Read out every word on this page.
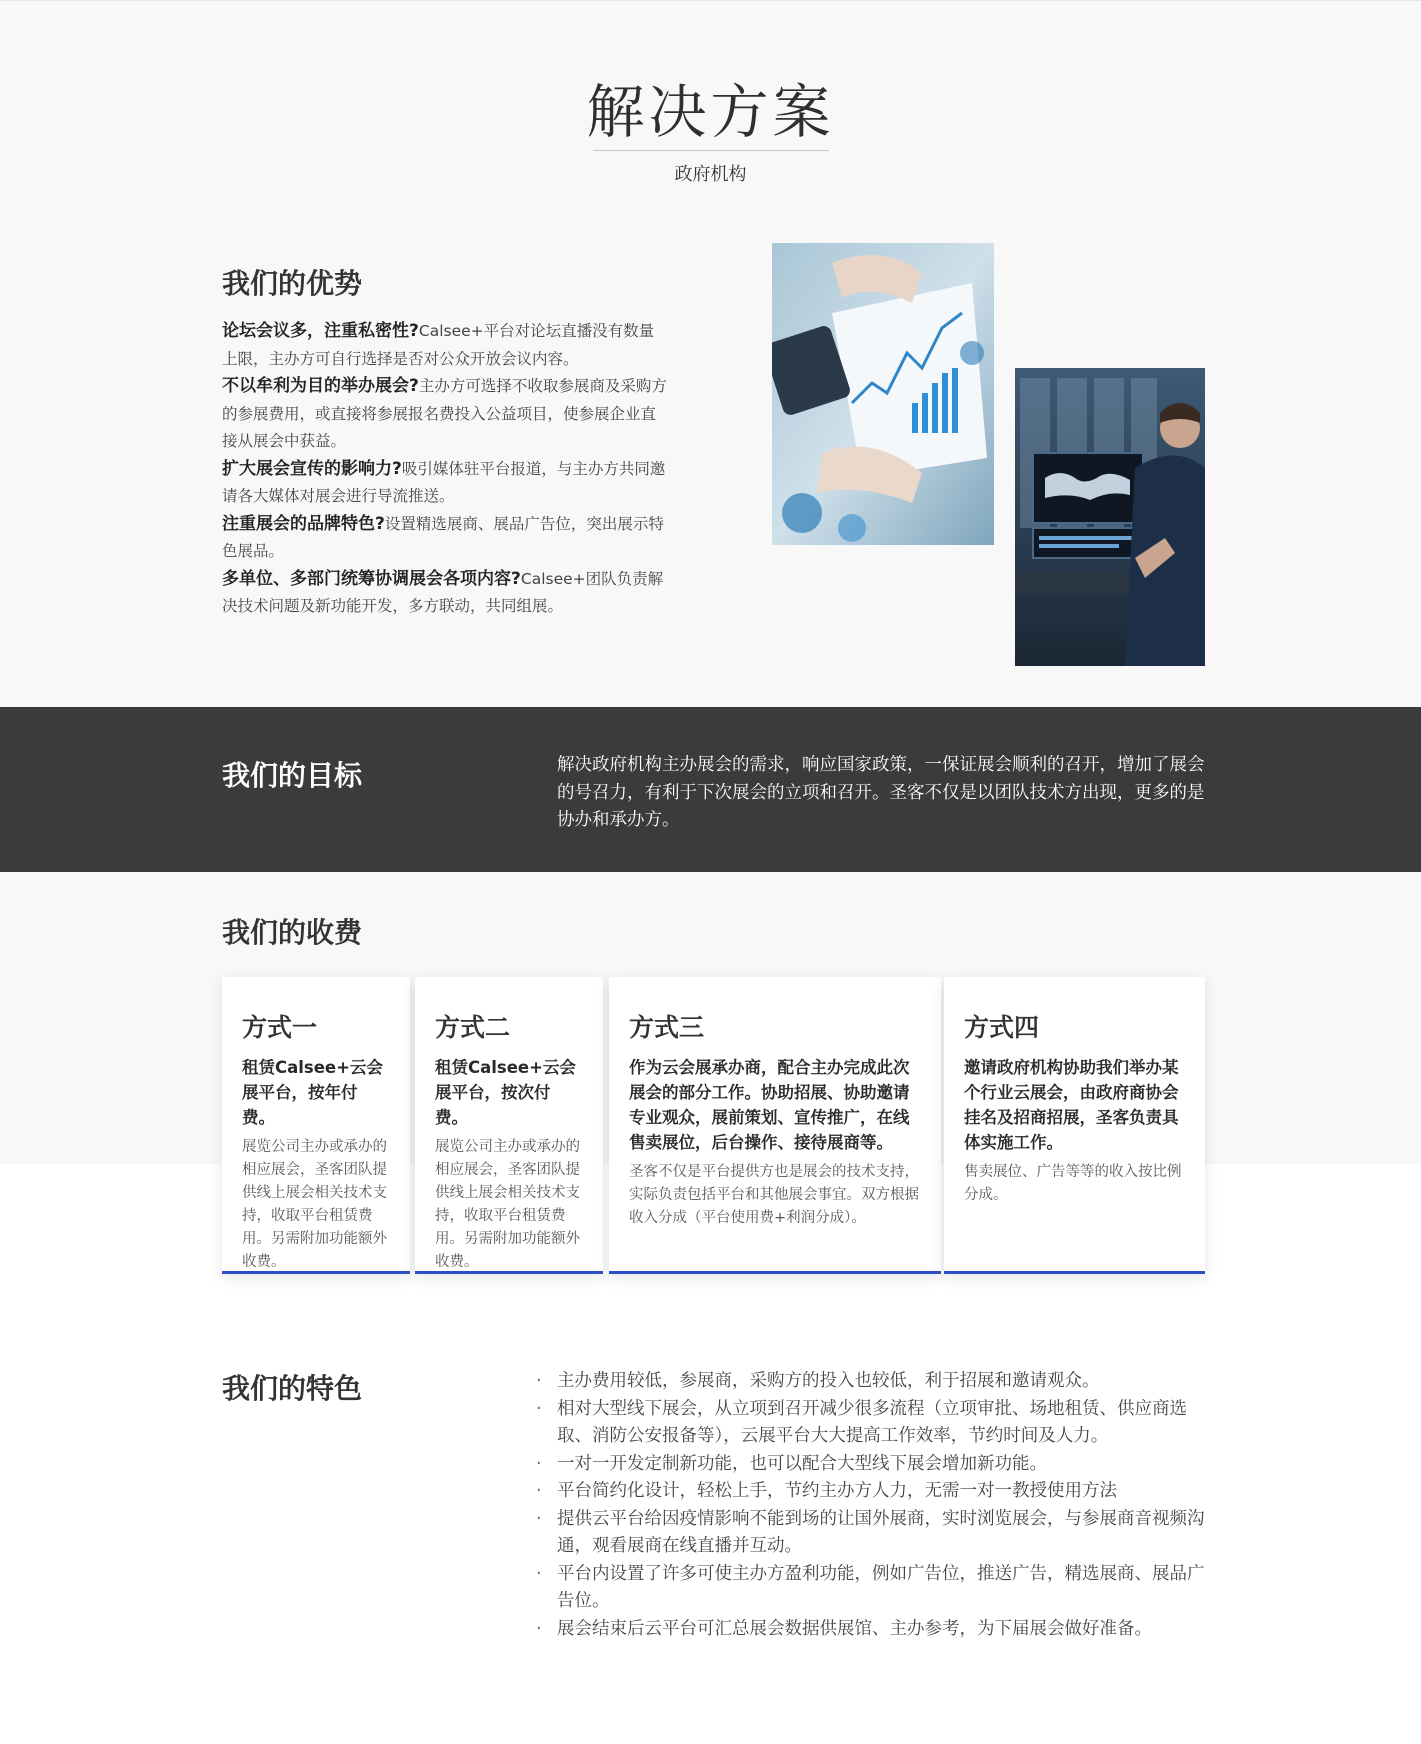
解决方案
政府机构
我们的优势

论坛会议多，注重私密性?Calsee+平台对论坛直播没有数量上限，主办方可自行选择是否对公众开放会议内容。

不以牟利为目的举办展会?主办方可选择不收取参展商及采购方的参展费用，或直接将参展报名费投入公益项目，使参展企业直接从展会中获益。

扩大展会宣传的影响力?吸引媒体驻平台报道，与主办方共同邀请各大媒体对展会进行导流推送。

注重展会的品牌特色?设置精选展商、展品广告位，突出展示特色展品。

多单位、多部门统筹协调展会各项内容?Calsee+团队负责解决技术问题及新功能开发，多方联动，共同组展。

我们的目标	解决政府机构主办展会的需求，响应国家政策，一保证展会顺利的召开，增加了展会的号召力，有利于下次展会的立项和召开。圣客不仅是以团队技术方出现，更多的是协办和承办方。

我们的收费
方式一

租赁Calsee+云会展平台，按年付费。

展览公司主办或承办的相应展会，圣客团队提供线上展会相关技术支持，收取平台租赁费用。另需附加功能额外收费。

方式二

租赁Calsee+云会展平台，按次付费。

展览公司主办或承办的相应展会，圣客团队提供线上展会相关技术支持，收取平台租赁费用。另需附加功能额外收费。

方式三

作为云会展承办商，配合主办完成此次展会的部分工作。协助招展、协助邀请专业观众，展前策划、宣传推广，在线售卖展位，后台操作、接待展商等。

圣客不仅是平台提供方也是展会的技术支持，实际负责包括平台和其他展会事宜。双方根据收入分成（平台使用费+利润分成）。

方式四

邀请政府机构协助我们举办某个行业云展会，由政府商协会挂名及招商招展，圣客负责具体实施工作。

售卖展位、广告等等的收入按比例分成。

我们的特色
·	主办费用较低，参展商，采购方的投入也较低，利于招展和邀请观众。
· 相对大型线下展会，从立项到召开减少很多流程（立项审批、场地租赁、供应商选取、消防公安报备等），云展平台大大提高工作效率，节约时间及人力。
· 一对一开发定制新功能，也可以配合大型线下展会增加新功能。
· 平台简约化设计，轻松上手，节约主办方人力，无需一对一教授使用方法
· 提供云平台给因疫情影响不能到场的让国外展商，实时浏览展会，与参展商音视频沟通，观看展商在线直播并互动。
· 平台内设置了许多可使主办方盈利功能，例如广告位，推送广告，精选展商、展品广告位。
· 展会结束后云平台可汇总展会数据供展馆、主办参考，为下届展会做好准备。
